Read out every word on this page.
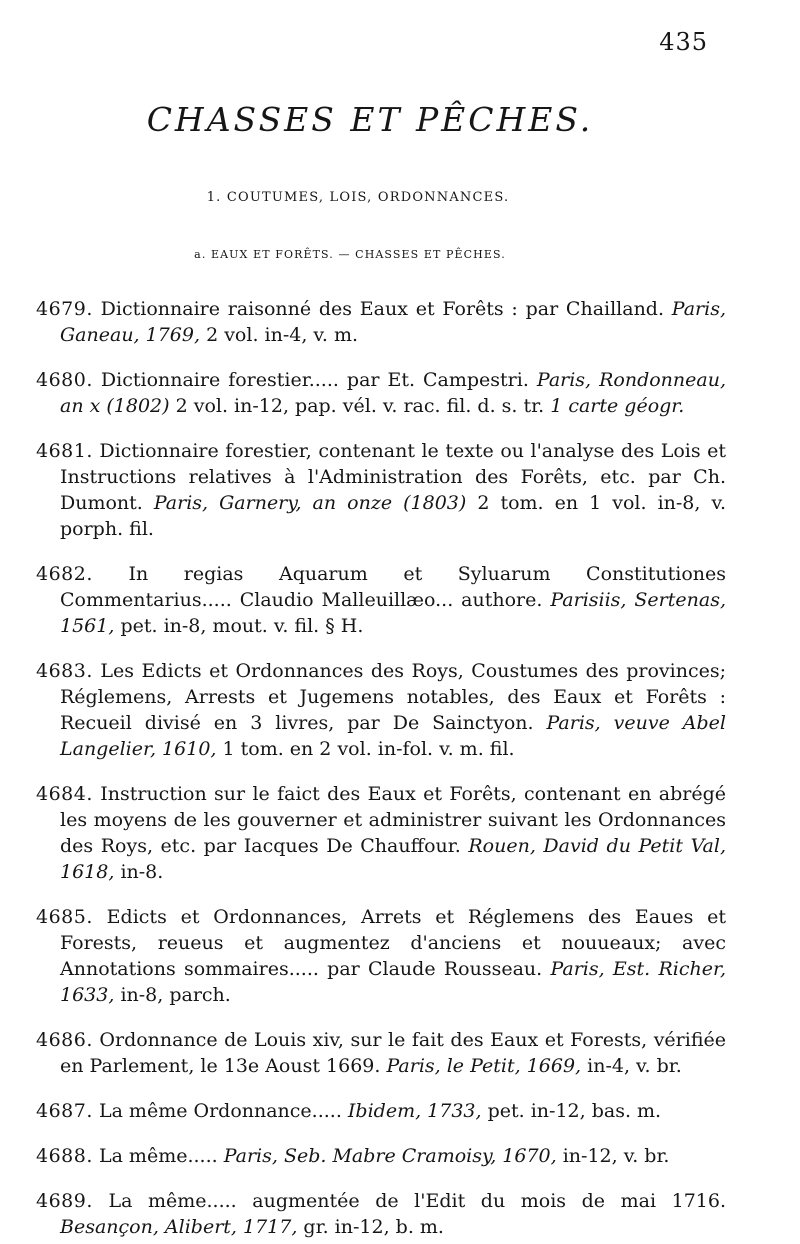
435
CHASSES ET PÊCHES.
1. COUTUMES, LOIS, ORDONNANCES.
a. EAUX ET FORÊTS. — CHASSES ET PÊCHES.

4679. Dictionnaire raisonné des Eaux et Forêts : par Chailland. Paris, Ganeau, 1769, 2 vol. in-4, v. m.

4680. Dictionnaire forestier..... par Et. Campestri. Paris, Rondonneau, an x (1802) 2 vol. in-12, pap. vél. v. rac. fil. d. s. tr. 1 carte géogr.

4681. Dictionnaire forestier, contenant le texte ou l'analyse des Lois et Instructions relatives à l'Administration des Forêts, etc. par Ch. Dumont. Paris, Garnery, an onze (1803) 2 tom. en 1 vol. in-8, v. porph. fil.

4682. In regias Aquarum et Syluarum Constitutiones Commentarius..... Claudio Malleuillæo... authore. Parisiis, Sertenas, 1561, pet. in-8, mout. v. fil. § H.

4683. Les Edicts et Ordonnances des Roys, Coustumes des provinces; Réglemens, Arrests et Jugemens notables, des Eaux et Forêts : Recueil divisé en 3 livres, par De Sainctyon. Paris, veuve Abel Langelier, 1610, 1 tom. en 2 vol. in-fol. v. m. fil.

4684. Instruction sur le faict des Eaux et Forêts, contenant en abrégé les moyens de les gouverner et administrer suivant les Ordonnances des Roys, etc. par Iacques De Chauffour. Rouen, David du Petit Val, 1618, in-8.

4685. Edicts et Ordonnances, Arrets et Réglemens des Eaues et Forests, reueus et augmentez d'anciens et nouueaux; avec Annotations sommaires..... par Claude Rousseau. Paris, Est. Richer, 1633, in-8, parch.

4686. Ordonnance de Louis xiv, sur le fait des Eaux et Forests, vérifiée en Parlement, le 13e Aoust 1669. Paris, le Petit, 1669, in-4, v. br.

4687. La même Ordonnance..... Ibidem, 1733, pet. in-12, bas. m.

4688. La même..... Paris, Seb. Mabre Cramoisy, 1670, in-12, v. br.

4689. La même..... augmentée de l'Edit du mois de mai 1716. Besançon, Alibert, 1717, gr. in-12, b. m.
